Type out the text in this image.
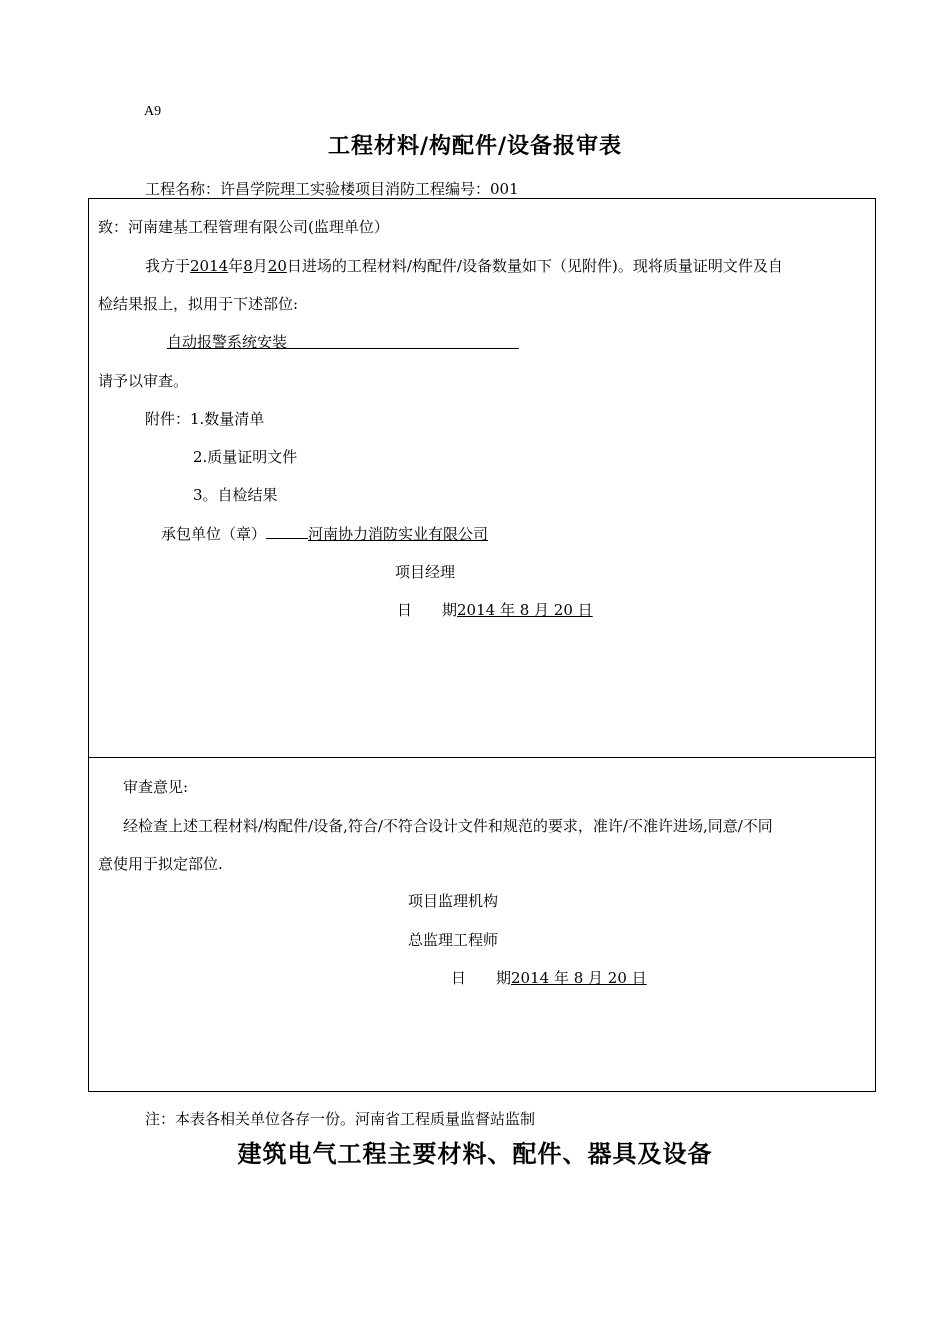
A9
工程材料/构配件/设备报审表
工程名称：许昌学院理工实验楼项目消防工程编号：001
致：河南建基工程管理有限公司(监理单位）
我方于2014年8月20日进场的工程材料/构配件/设备数量如下（见附件)。现将质量证明文件及自
检结果报上，拟用于下述部位:
自动报警系统安装
请予以审查。
附件：1.数量清单
2.质量证明文件
3。自检结果
承包单位（章）	河南协力消防实业有限公司
项目经理
日　　期2014 年 8 月 20 日
审查意见:
经检查上述工程材料/构配件/设备,符合/不符合设计文件和规范的要求，准许/不准许进场,同意/不同
意使用于拟定部位.
项目监理机构
总监理工程师
日　　期2014 年 8 月 20 日
注：本表各相关单位各存一份。河南省工程质量监督站监制
建筑电气工程主要材料、配件、器具及设备
